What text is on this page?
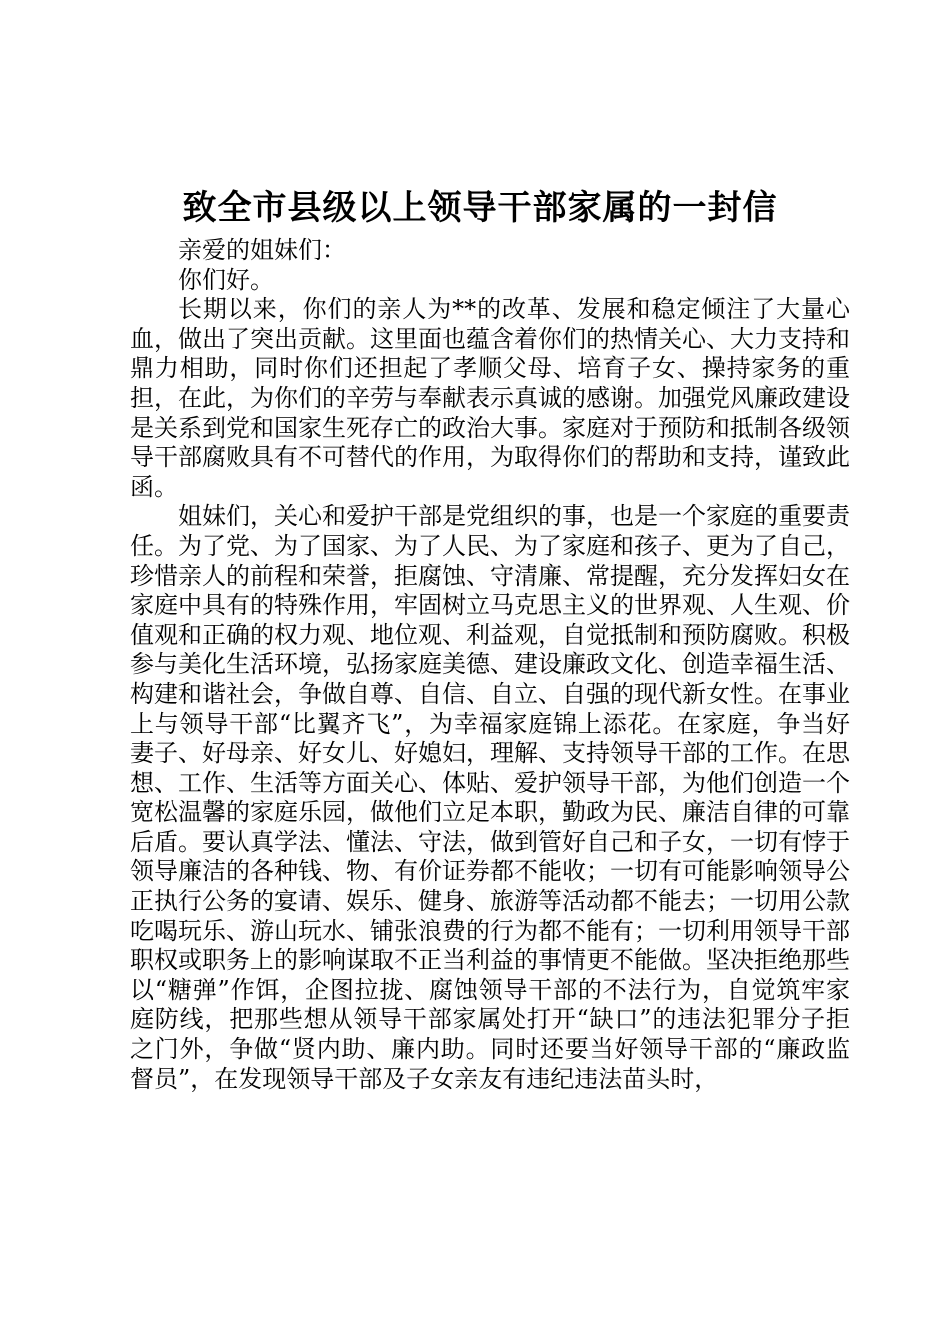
致全市县级以上领导干部家属的一封信

亲爱的姐妹们：

你们好。

长期以来，你们的亲人为**的改革、发展和稳定倾注了大量心血，做出了突出贡献。这里面也蕴含着你们的热情关心、大力支持和鼎力相助，同时你们还担起了孝顺父母、培育子女、操持家务的重担，在此，为你们的辛劳与奉献表示真诚的感谢。加强党风廉政建设是关系到党和国家生死存亡的政治大事。家庭对于预防和抵制各级领导干部腐败具有不可替代的作用，为取得你们的帮助和支持，谨致此函。

姐妹们，关心和爱护干部是党组织的事，也是一个家庭的重要责任。为了党、为了国家、为了人民、为了家庭和孩子、更为了自己，珍惜亲人的前程和荣誉，拒腐蚀、守清廉、常提醒，充分发挥妇女在家庭中具有的特殊作用，牢固树立马克思主义的世界观、人生观、价值观和正确的权力观、地位观、利益观，自觉抵制和预防腐败。积极参与美化生活环境，弘扬家庭美德、建设廉政文化、创造幸福生活、构建和谐社会，争做自尊、自信、自立、自强的现代新女性。在事业上与领导干部“比翼齐飞”，为幸福家庭锦上添花。在家庭，争当好妻子、好母亲、好女儿、好媳妇，理解、支持领导干部的工作。在思想、工作、生活等方面关心、体贴、爱护领导干部，为他们创造一个宽松温馨的家庭乐园，做他们立足本职，勤政为民、廉洁自律的可靠后盾。要认真学法、懂法、守法，做到管好自己和子女，一切有悖于领导廉洁的各种钱、物、有价证券都不能收；一切有可能影响领导公正执行公务的宴请、娱乐、健身、旅游等活动都不能去；一切用公款吃喝玩乐、游山玩水、铺张浪费的行为都不能有；一切利用领导干部职权或职务上的影响谋取不正当利益的事情更不能做。坚决拒绝那些以“糖弹”作饵，企图拉拢、腐蚀领导干部的不法行为，自觉筑牢家庭防线，把那些想从领导干部家属处打开“缺口”的违法犯罪分子拒之门外，争做“贤内助、廉内助。同时还要当好领导干部的“廉政监督员”，在发现领导干部及子女亲友有违纪违法苗头时，
